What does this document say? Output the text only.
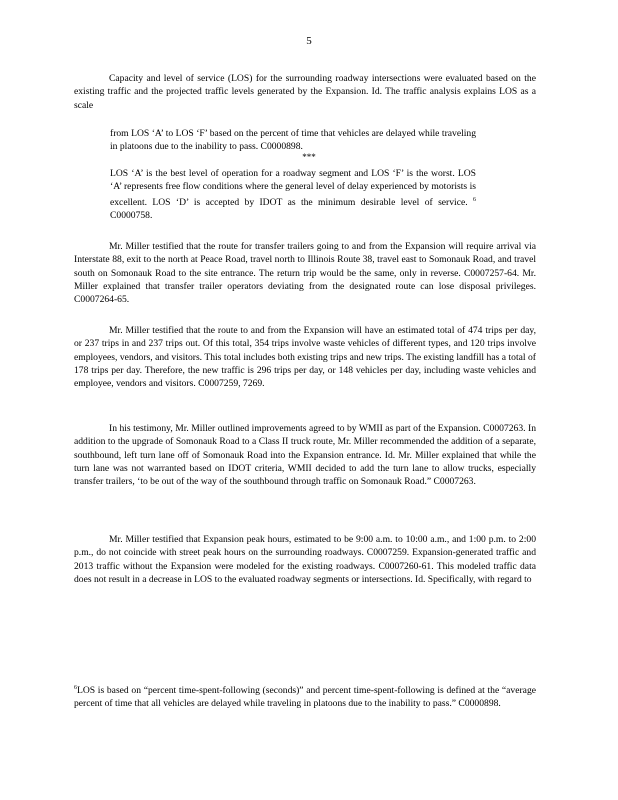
5

Capacity and level of service (LOS) for the surrounding roadway intersections were evaluated based on the existing traffic and the projected traffic levels generated by the Expansion. Id. The traffic analysis explains LOS as a scale

from LOS ‘A’ to LOS ‘F’ based on the percent of time that vehicles are delayed while traveling in platoons due to the inability to pass. C0000898.

***

LOS ‘A’ is the best level of operation for a roadway segment and LOS ‘F’ is the worst. LOS ‘A’ represents free flow conditions where the general level of delay experienced by motorists is excellent. LOS ‘D’ is accepted by IDOT as the minimum desirable level of service. $^6$ C0000758.

Mr. Miller testified that the route for transfer trailers going to and from the Expansion will require arrival via Interstate 88, exit to the north at Peace Road, travel north to Illinois Route 38, travel east to Somonauk Road, and travel south on Somonauk Road to the site entrance. The return trip would be the same, only in reverse. C0007257-64. Mr. Miller explained that transfer trailer operators deviating from the designated route can lose disposal privileges. C0007264-65.

Mr. Miller testified that the route to and from the Expansion will have an estimated total of 474 trips per day, or 237 trips in and 237 trips out. Of this total, 354 trips involve waste vehicles of different types, and 120 trips involve employees, vendors, and visitors. This total includes both existing trips and new trips. The existing landfill has a total of 178 trips per day. Therefore, the new traffic is 296 trips per day, or 148 vehicles per day, including waste vehicles and employee, vendors and visitors. C0007259, 7269.

In his testimony, Mr. Miller outlined improvements agreed to by WMII as part of the Expansion. C0007263. In addition to the upgrade of Somonauk Road to a Class II truck route, Mr. Miller recommended the addition of a separate, southbound, left turn lane off of Somonauk Road into the Expansion entrance. Id. Mr. Miller explained that while the turn lane was not warranted based on IDOT criteria, WMII decided to add the turn lane to allow trucks, especially transfer trailers, ‘to be out of the way of the southbound through traffic on Somonauk Road.” C0007263.

Mr. Miller testified that Expansion peak hours, estimated to be 9:00 a.m. to 10:00 a.m., and 1:00 p.m. to 2:00 p.m., do not coincide with street peak hours on the surrounding roadways. C0007259. Expansion-generated traffic and 2013 traffic without the Expansion were modeled for the existing roadways. C0007260-61. This modeled traffic data does not result in a decrease in LOS to the evaluated roadway segments or intersections. Id. Specifically, with regard to

$^6$LOS is based on “percent time-spent-following (seconds)” and percent time-spent-following is defined at the “average percent of time that all vehicles are delayed while traveling in platoons due to the inability to pass.” C0000898.
